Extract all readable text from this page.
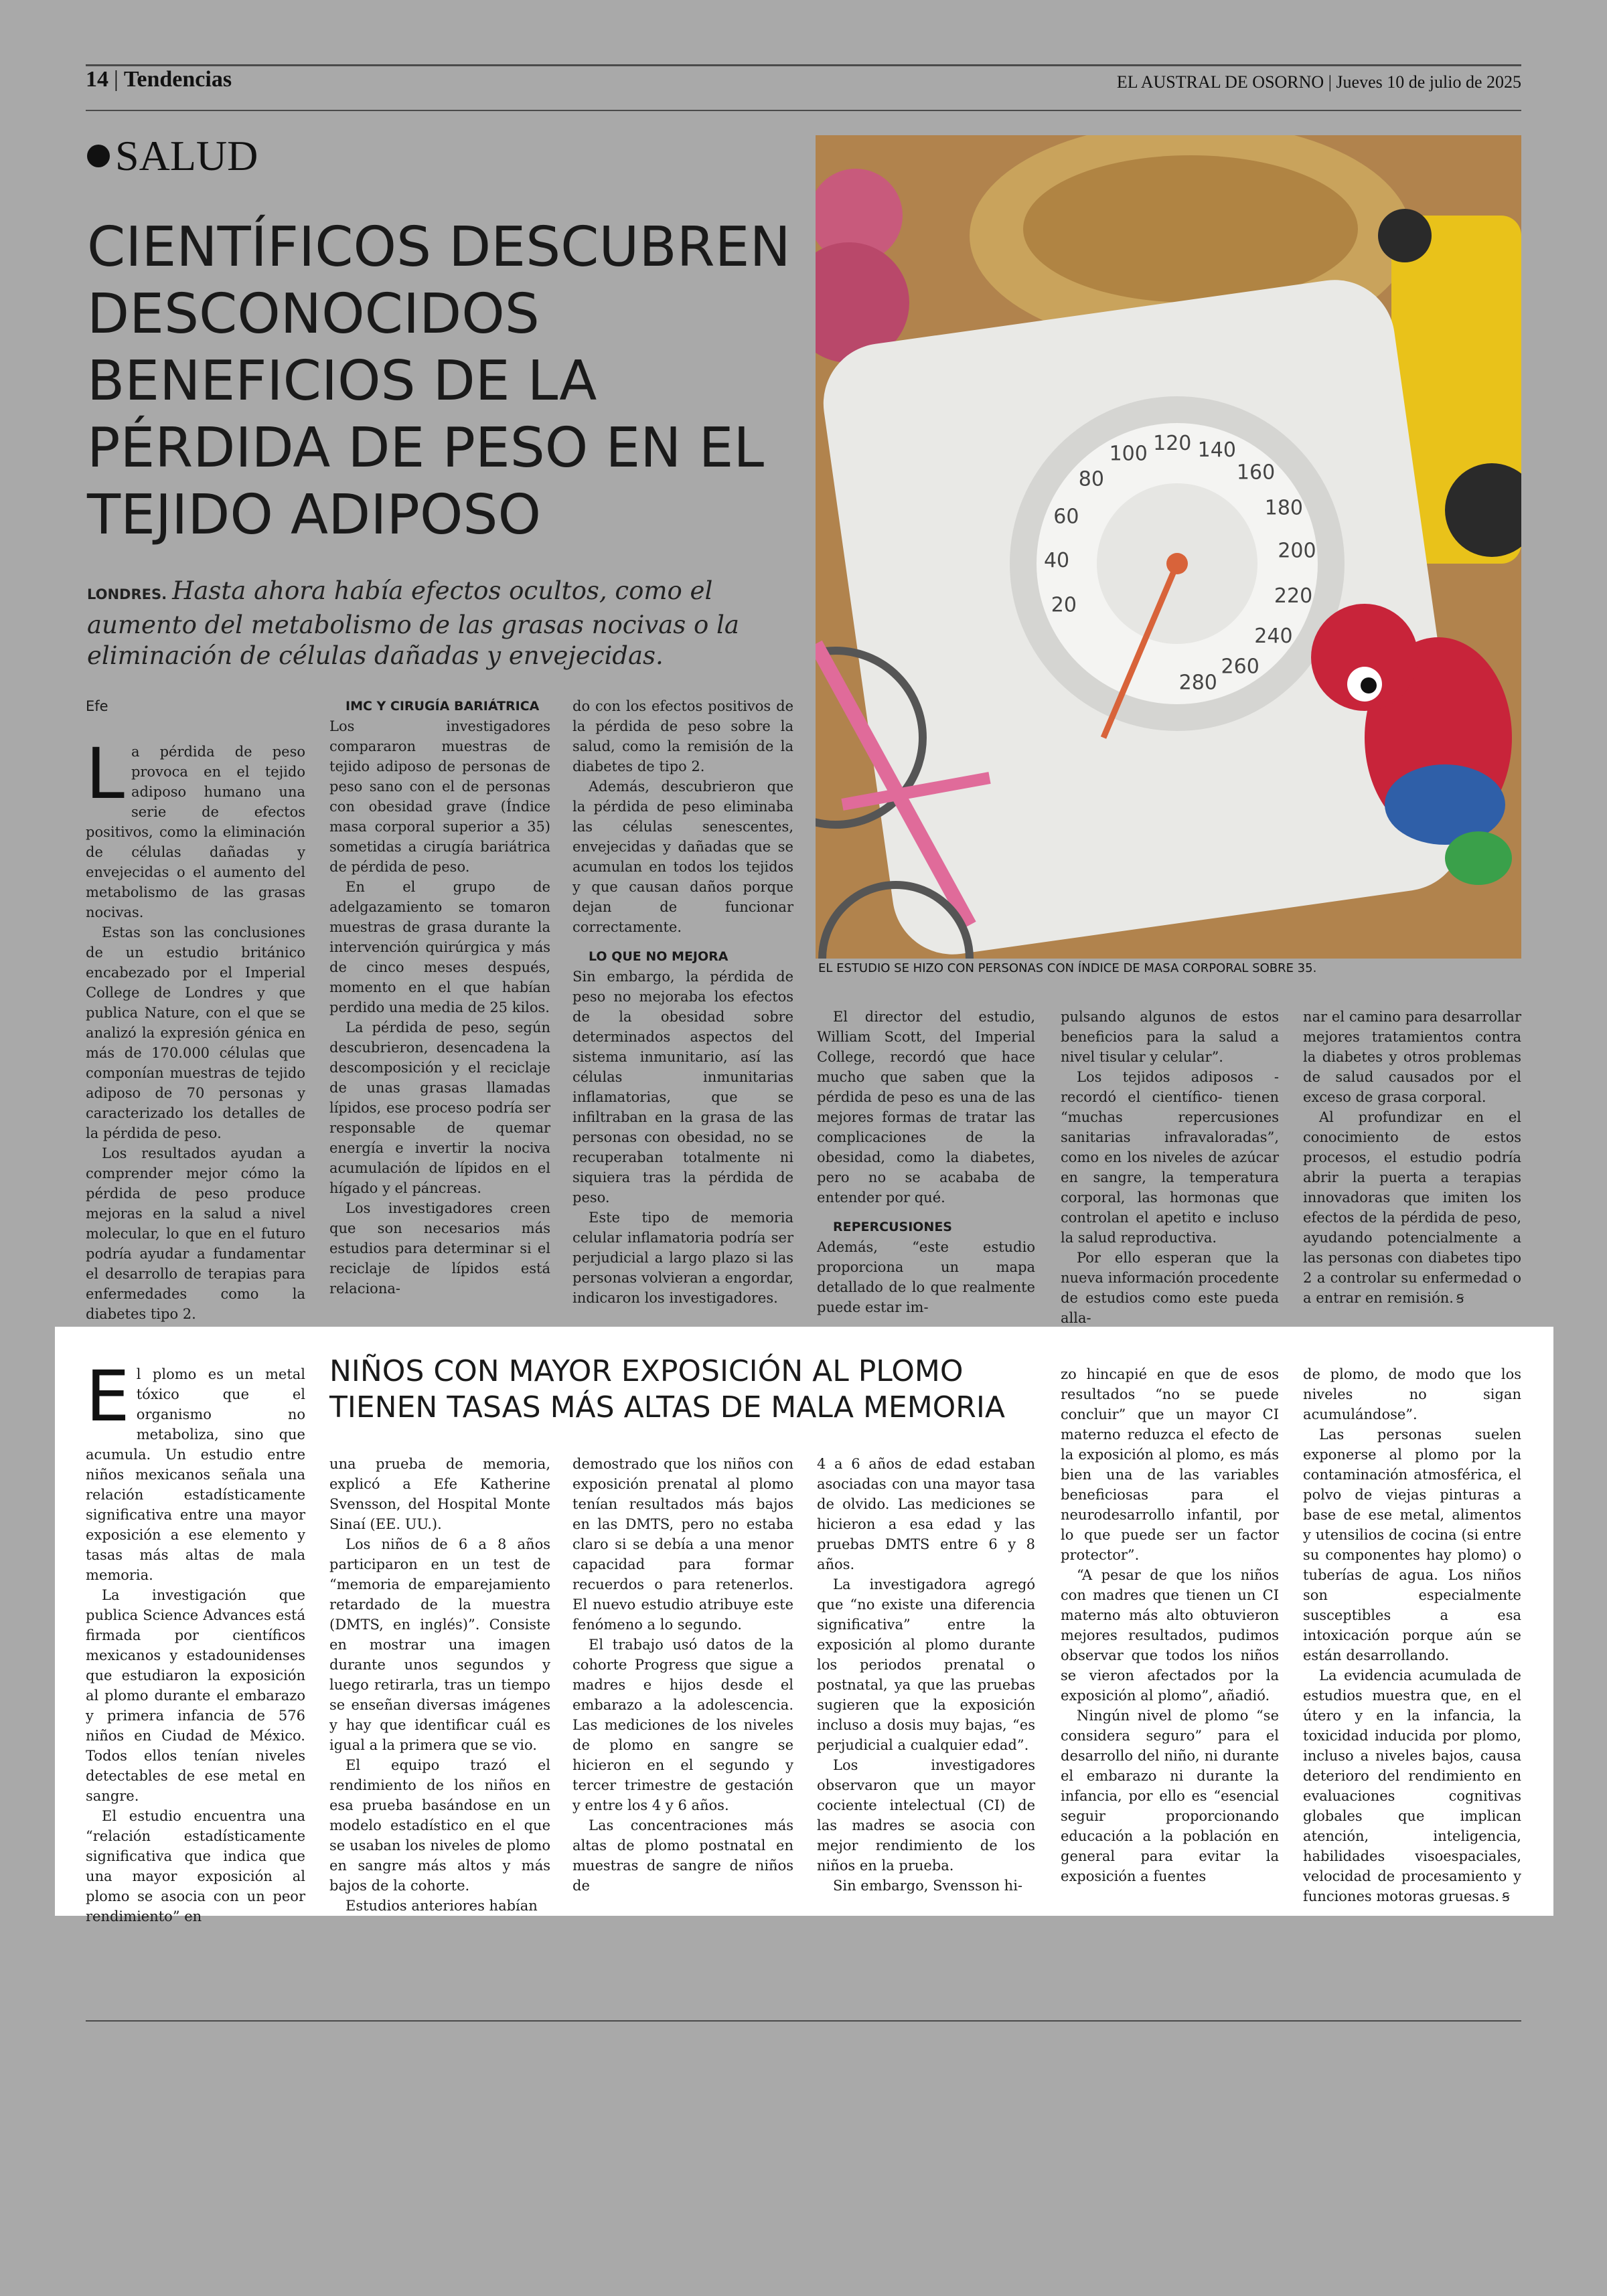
14 | Tendencias	EL AUSTRAL DE OSORNO | Jueves 10 de julio de 2025
SALUD
CIENTÍFICOS DESCUBREN DESCONOCIDOS BENEFICIOS DE LA PÉRDIDA DE PESO EN EL TEJIDO ADIPOSO
LONDRES. Hasta ahora había efectos ocultos, como el aumento del metabolismo de las grasas nocivas o la eliminación de células dañadas y envejecidas.
20
40
60
80
100 120 140
160
180
200
220
240
260
280
EL ESTUDIO SE HIZO CON PERSONAS CON ÍNDICE DE MASA CORPORAL SOBRE 35.

Efe

L a pérdida de peso provoca en el tejido adiposo humano una serie de efectos positivos, como la eliminación de células dañadas y envejecidas o el aumento del metabolismo de las grasas nocivas.

Estas son las conclusiones de un estudio británico encabezado por el Imperial College de Londres y que publica Nature, con el que se analizó la expresión génica en más de 170.000 células que componían muestras de tejido adiposo de 70 personas y caracterizado los detalles de la pérdida de peso.

Los resultados ayudan a comprender mejor cómo la pérdida de peso produce mejoras en la salud a nivel molecular, lo que en el futuro podría ayudar a fundamentar el desarrollo de terapias para enfermedades como la diabetes tipo 2.

IMC Y CIRUGÍA BARIÁTRICA

Los investigadores compararon muestras de tejido adiposo de personas de peso sano con el de personas con obesidad grave (Índice masa corporal superior a 35) sometidas a cirugía bariátrica de pérdida de peso.

En el grupo de adelgazamiento se tomaron muestras de grasa durante la intervención quirúrgica y más de cinco meses después, momento en el que habían perdido una media de 25 kilos.

La pérdida de peso, según descubrieron, desencadena la descomposición y el reciclaje de unas grasas llamadas lípidos, ese proceso podría ser responsable de quemar energía e invertir la nociva acumulación de lípidos en el hígado y el páncreas.

Los investigadores creen que son necesarios más estudios para determinar si el reciclaje de lípidos está relaciona-

do con los efectos positivos de la pérdida de peso sobre la salud, como la remisión de la diabetes de tipo 2.

Además, descubrieron que la pérdida de peso eliminaba las células senescentes, envejecidas y dañadas que se acumulan en todos los tejidos y que causan daños porque dejan de funcionar correctamente.

LO QUE NO MEJORA

Sin embargo, la pérdida de peso no mejoraba los efectos de la obesidad sobre determinados aspectos del sistema inmunitario, así las células inmunitarias inflamatorias, que se infiltraban en la grasa de las personas con obesidad, no se recuperaban totalmente ni siquiera tras la pérdida de peso.

Este tipo de memoria celular inflamatoria podría ser perjudicial a largo plazo si las personas volvieran a engordar, indicaron los investigadores.

El director del estudio, William Scott, del Imperial College, recordó que hace mucho que saben que la pérdida de peso es una de las mejores formas de tratar las complicaciones de la obesidad, como la diabetes, pero no se acababa de entender por qué.

REPERCUSIONES

Además, “este estudio proporciona un mapa detallado de lo que realmente puede estar im-

pulsando algunos de estos beneficios para la salud a nivel tisular y celular”.

Los tejidos adiposos -recordó el científico- tienen “muchas repercusiones sanitarias infravaloradas”, como en los niveles de azúcar en sangre, la temperatura corporal, las hormonas que controlan el apetito e incluso la salud reproductiva.

Por ello esperan que la nueva información procedente de estudios como este pueda alla-

nar el camino para desarrollar mejores tratamientos contra la diabetes y otros problemas de salud causados por el exceso de grasa corporal.

Al profundizar en el conocimiento de estos procesos, el estudio podría abrir la puerta a terapias innovadoras que imiten los efectos de la pérdida de peso, ayudando potencialmente a las personas con diabetes tipo 2 a controlar su enfermedad o a entrar en remisión. Ꞩ

NIÑOS CON MAYOR EXPOSICIÓN AL PLOMO TIENEN TASAS MÁS ALTAS DE MALA MEMORIA
E l plomo es un metal tóxico que el organismo no metaboliza, sino que acumula. Un estudio entre niños mexicanos señala una relación estadísticamente significativa entre una mayor exposición a ese elemento y tasas más altas de mala memoria.

La investigación que publica Science Advances está firmada por científicos mexicanos y estadounidenses que estudiaron la exposición al plomo durante el embarazo y primera infancia de 576 niños en Ciudad de México. Todos ellos tenían niveles detectables de ese metal en sangre.

El estudio encuentra una “relación estadísticamente significativa que indica que una mayor exposición al plomo se asocia con un peor rendimiento” en

una prueba de memoria, explicó a Efe Katherine Svensson, del Hospital Monte Sinaí (EE. UU.).

Los niños de 6 a 8 años participaron en un test de “memoria de emparejamiento retardado de la muestra (DMTS, en inglés)”. Consiste en mostrar una imagen durante unos segundos y luego retirarla, tras un tiempo se enseñan diversas imágenes y hay que identificar cuál es igual a la primera que se vio.

El equipo trazó el rendimiento de los niños en esa prueba basándose en un modelo estadístico en el que se usaban los niveles de plomo en sangre más altos y más bajos de la cohorte.

Estudios anteriores habían

demostrado que los niños con exposición prenatal al plomo tenían resultados más bajos en las DMTS, pero no estaba claro si se debía a una menor capacidad para formar recuerdos o para retenerlos. El nuevo estudio atribuye este fenómeno a lo segundo.

El trabajo usó datos de la cohorte Progress que sigue a madres e hijos desde el embarazo a la adolescencia. Las mediciones de los niveles de plomo en sangre se hicieron en el segundo y tercer trimestre de gestación y entre los 4 y 6 años.

Las concentraciones más altas de plomo postnatal en muestras de sangre de niños de

4 a 6 años de edad estaban asociadas con una mayor tasa de olvido. Las mediciones se hicieron a esa edad y las pruebas DMTS entre 6 y 8 años.

La investigadora agregó que “no existe una diferencia significativa” entre la exposición al plomo durante los periodos prenatal o postnatal, ya que las pruebas sugieren que la exposición incluso a dosis muy bajas, “es perjudicial a cualquier edad”.

Los investigadores observaron que un mayor cociente intelectual (CI) de las madres se asocia con mejor rendimiento de los niños en la prueba.

Sin embargo, Svensson hi-

zo hincapié en que de esos resultados “no se puede concluir” que un mayor CI materno reduzca el efecto de la exposición al plomo, es más bien una de las variables beneficiosas para el neurodesarrollo infantil, por lo que puede ser un factor protector”.

“A pesar de que los niños con madres que tienen un CI materno más alto obtuvieron mejores resultados, pudimos observar que todos los niños se vieron afectados por la exposición al plomo”, añadió.

Ningún nivel de plomo “se considera seguro” para el desarrollo del niño, ni durante el embarazo ni durante la infancia, por ello es “esencial seguir proporcionando educación a la población en general para evitar la exposición a fuentes

de plomo, de modo que los niveles no sigan acumulándose”.

Las personas suelen exponerse al plomo por la contaminación atmosférica, el polvo de viejas pinturas a base de ese metal, alimentos y utensilios de cocina (si entre su componentes hay plomo) o tuberías de agua. Los niños son especialmente susceptibles a esa intoxicación porque aún se están desarrollando.

La evidencia acumulada de estudios muestra que, en el útero y en la infancia, la toxicidad inducida por plomo, incluso a niveles bajos, causa deterioro del rendimiento en evaluaciones cognitivas globales que implican atención, inteligencia, habilidades visoespaciales, velocidad de procesamiento y funciones motoras gruesas. Ꞩ
